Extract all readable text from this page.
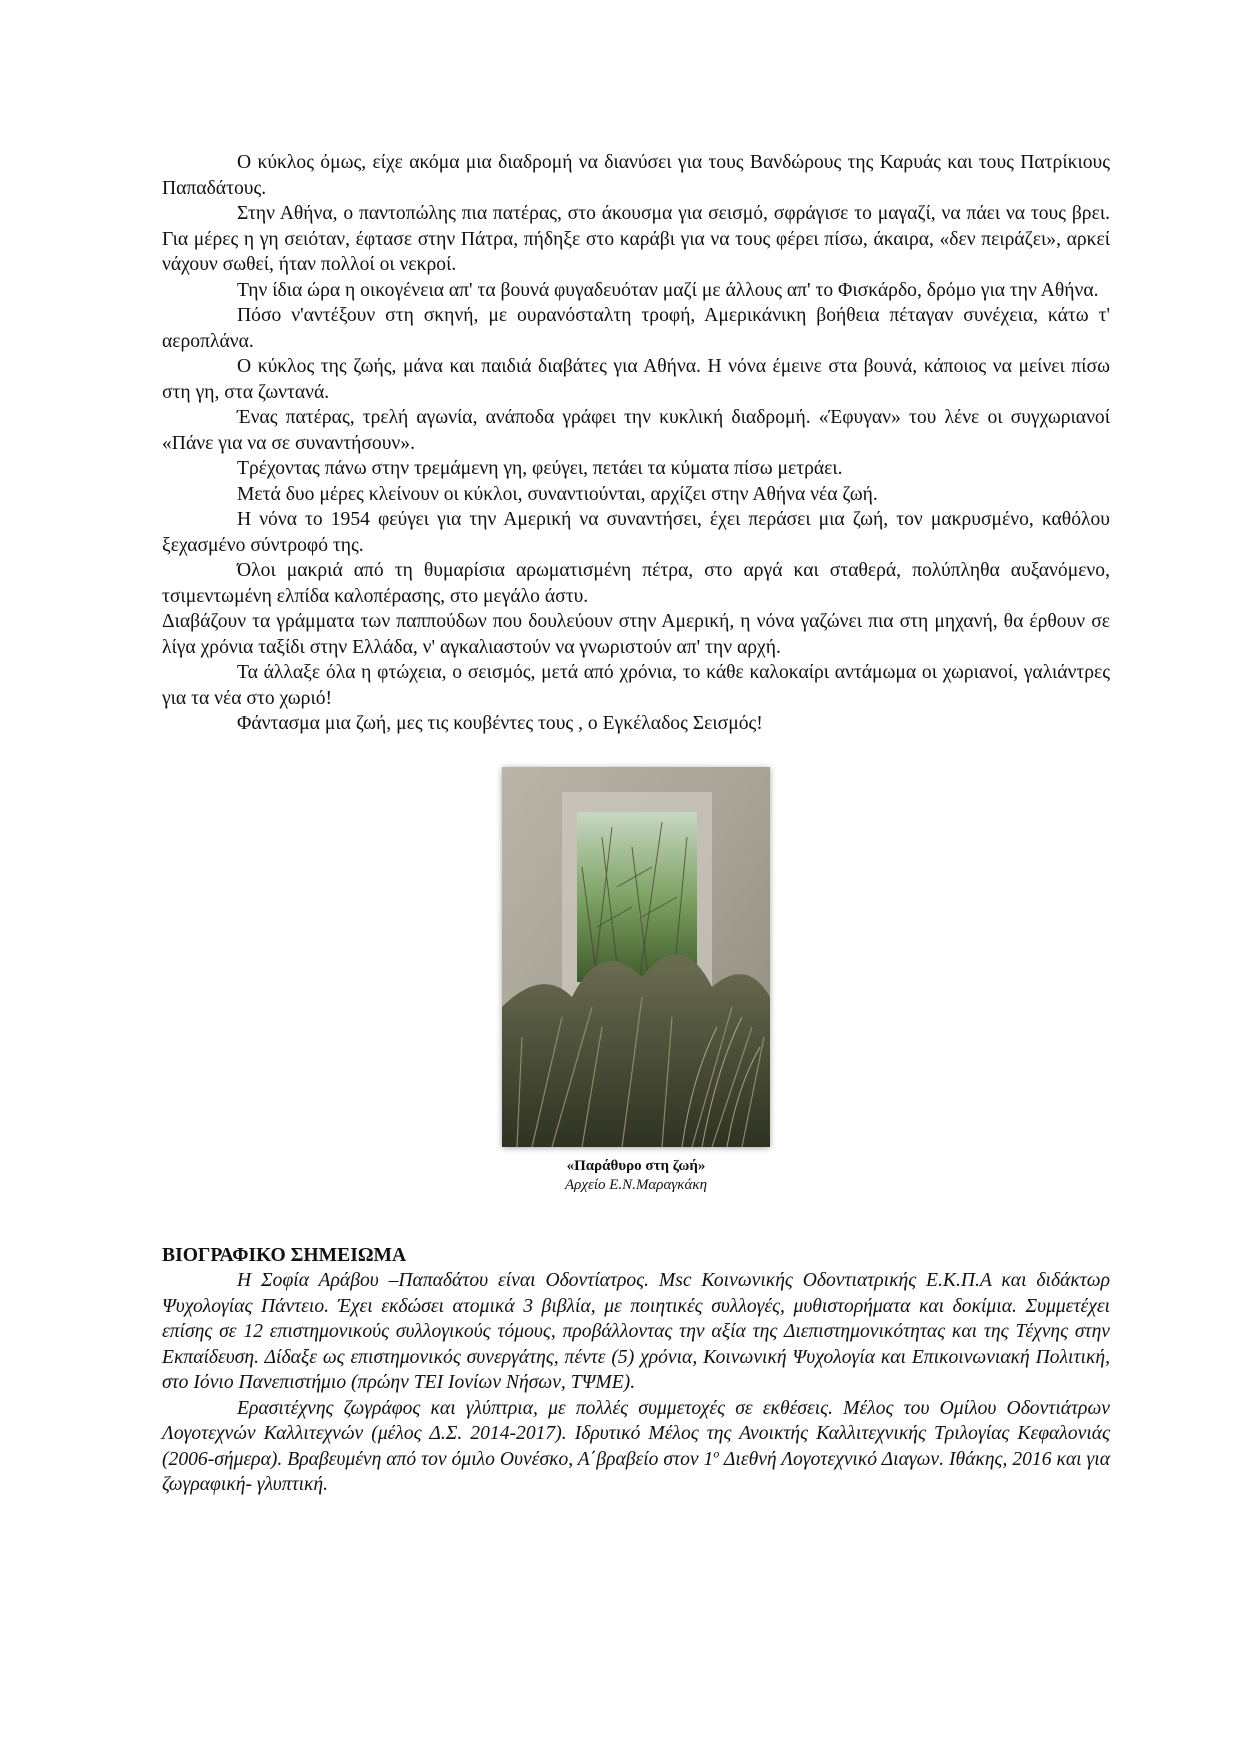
Ο κύκλος όμως, είχε ακόμα μια διαδρομή να διανύσει για τους Βανδώρους της Καρυάς και τους Πατρίκιους Παπαδάτους.

Στην Αθήνα, ο παντοπώλης πια πατέρας, στο άκουσμα για σεισμό, σφράγισε το μαγαζί, να πάει να τους βρει. Για μέρες η γη σειόταν, έφτασε στην Πάτρα, πήδηξε στο καράβι για να τους φέρει πίσω, άκαιρα, «δεν πειράζει», αρκεί νάχουν σωθεί, ήταν πολλοί οι νεκροί.

Την ίδια ώρα η οικογένεια απ' τα βουνά φυγαδευόταν μαζί με άλλους απ' το Φισκάρδο, δρόμο για την Αθήνα.

Πόσο ν'αντέξουν στη σκηνή, με ουρανόσταλτη τροφή, Αμερικάνικη βοήθεια πέταγαν συνέχεια, κάτω τ' αεροπλάνα.

Ο κύκλος της ζωής, μάνα και παιδιά διαβάτες για Αθήνα. Η νόνα έμεινε στα βουνά, κάποιος να μείνει πίσω στη γη, στα ζωντανά.

Ένας πατέρας, τρελή αγωνία, ανάποδα γράφει την κυκλική διαδρομή. «Έφυγαν» του λένε οι συγχωριανοί «Πάνε για να σε συναντήσουν».

Τρέχοντας πάνω στην τρεμάμενη γη, φεύγει, πετάει τα κύματα πίσω μετράει.

Μετά δυο μέρες κλείνουν οι κύκλοι, συναντιούνται, αρχίζει στην Αθήνα νέα ζωή.

Η νόνα το 1954 φεύγει για την Αμερική να συναντήσει, έχει περάσει μια ζωή, τον μακρυσμένο, καθόλου ξεχασμένο σύντροφό της.

Όλοι μακριά από τη θυμαρίσια αρωματισμένη πέτρα, στο αργά και σταθερά, πολύπληθα αυξανόμενο, τσιμεντωμένη ελπίδα καλοπέρασης, στο μεγάλο άστυ.

Διαβάζουν τα γράμματα των παππούδων που δουλεύουν στην Αμερική, η νόνα γαζώνει πια στη μηχανή, θα έρθουν σε λίγα χρόνια ταξίδι στην Ελλάδα, ν' αγκαλιαστούν να γνωριστούν απ' την αρχή.

Τα άλλαξε όλα η φτώχεια, ο σεισμός, μετά από χρόνια, το κάθε καλοκαίρι αντάμωμα οι χωριανοί, γαλιάντρες για τα νέα στο χωριό!

Φάντασμα μια ζωή, μες τις κουβέντες τους , ο Εγκέλαδος Σεισμός!

«Παράθυρο στη ζωή»
Αρχείο Ε.Ν.Μαραγκάκη
ΒΙΟΓΡΑΦΙΚΟ ΣΗΜΕΙΩΜΑ

Η Σοφία Αράβου –Παπαδάτου είναι Οδοντίατρος. Msc Κοινωνικής Οδοντιατρικής Ε.Κ.Π.Α και διδάκτωρ Ψυχολογίας Πάντειο. Έχει εκδώσει ατομικά 3 βιβλία, με ποιητικές συλλογές, μυθιστορήματα και δοκίμια. Συμμετέχει επίσης σε 12 επιστημονικούς συλλογικούς τόμους, προβάλλοντας την αξία της Διεπιστημονικότητας και της Τέχνης στην Εκπαίδευση. Δίδαξε ως επιστημονικός συνεργάτης, πέντε (5) χρόνια, Κοινωνική Ψυχολογία και Επικοινωνιακή Πολιτική, στο Ιόνιο Πανεπιστήμιο (πρώην ΤΕΙ Ιονίων Νήσων, ΤΨΜΕ).

Ερασιτέχνης ζωγράφος και γλύπτρια, με πολλές συμμετοχές σε εκθέσεις. Μέλος του Ομίλου Οδοντιάτρων Λογοτεχνών Καλλιτεχνών (μέλος Δ.Σ. 2014-2017). Ιδρυτικό Μέλος της Ανοικτής Καλλιτεχνικής Τριλογίας Κεφαλονιάς (2006-σήμερα). Βραβευμένη από τον όμιλο Ουνέσκο, Α΄βραβείο στον $1^o$ Διεθνή Λογοτεχνικό Διαγων. Ιθάκης, 2016 και για ζωγραφική- γλυπτική.
